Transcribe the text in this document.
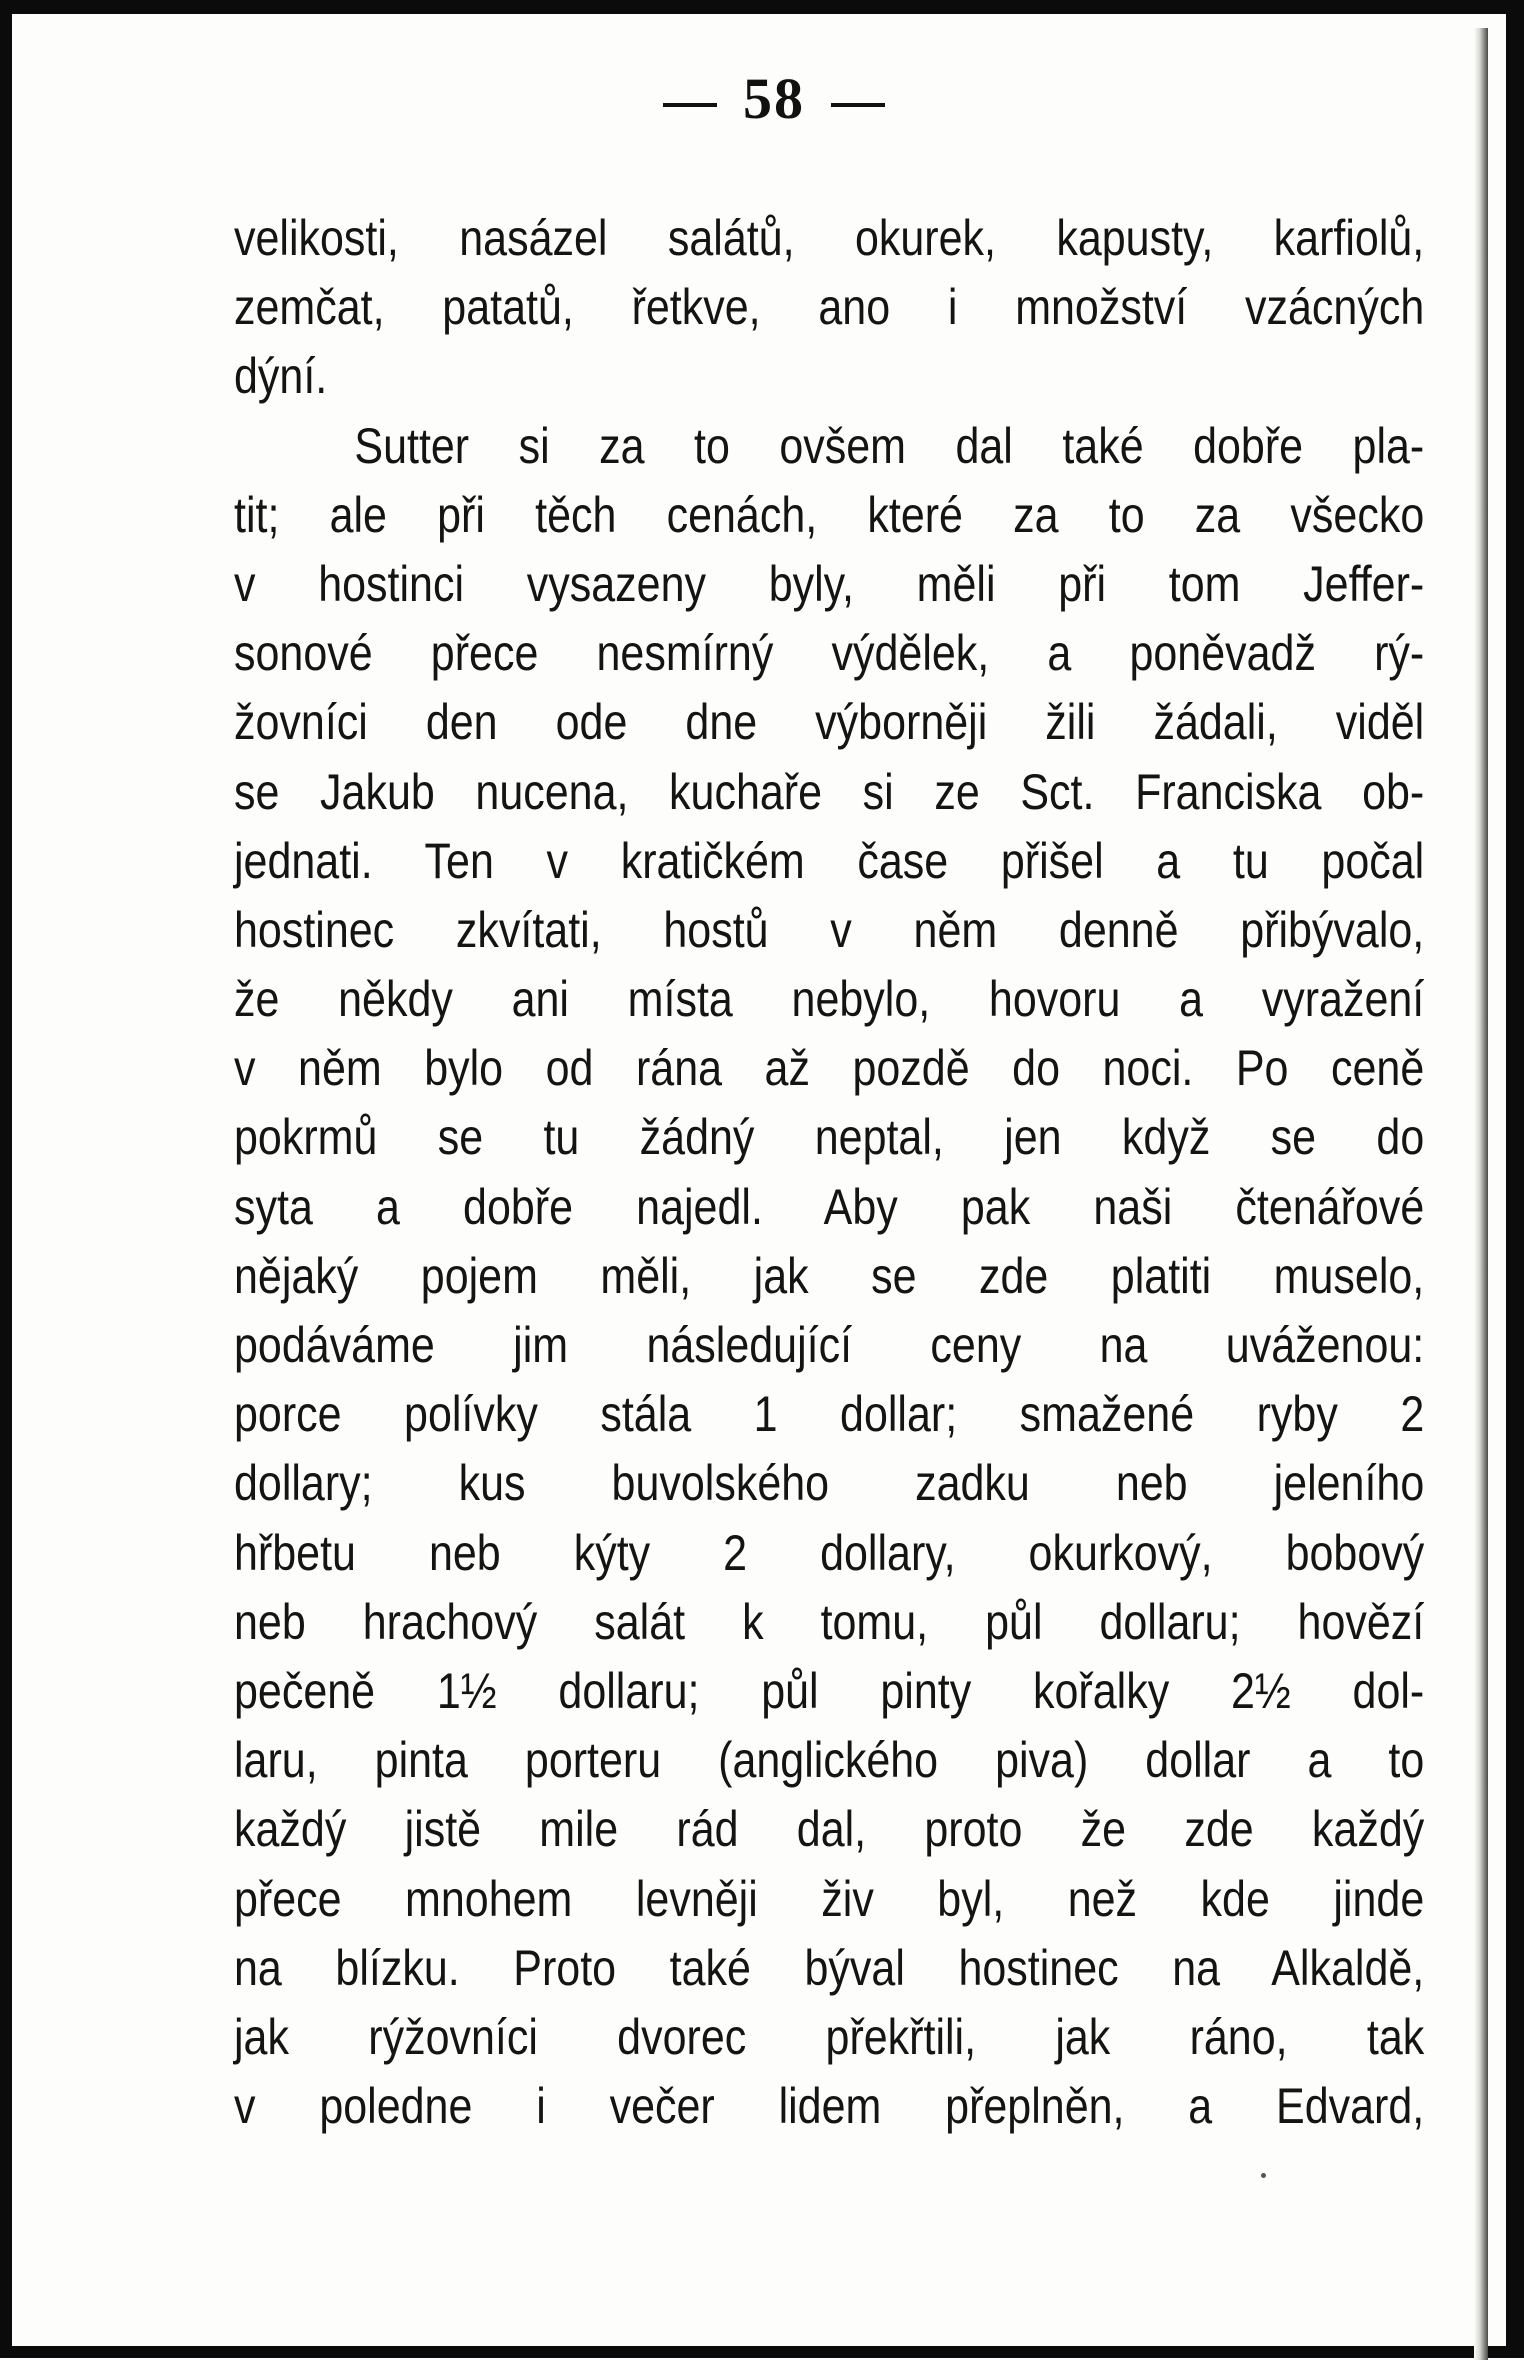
58
velikosti, nasázel salátů, okurek, kapusty, karfiolů,
zemčat, patatů, řetkve, ano i množství vzácných
dýní.
Sutter si za to ovšem dal také dobře pla-
tit; ale při těch cenách, které za to za všecko
v hostinci vysazeny byly, měli při tom Jeffer-
sonové přece nesmírný výdělek, a poněvadž rý-
žovníci den ode dne výborněji žili žádali, viděl
se Jakub nucena, kuchaře si ze Sct. Franciska ob-
jednati. Ten v kratičkém čase přišel a tu počal
hostinec zkvítati, hostů v něm denně přibývalo,
že někdy ani místa nebylo, hovoru a vyražení
v něm bylo od rána až pozdě do noci. Po ceně
pokrmů se tu žádný neptal, jen když se do
syta a dobře najedl. Aby pak naši čtenářové
nějaký pojem měli, jak se zde platiti muselo,
podáváme jim následující ceny na uváženou:
porce polívky stála 1 dollar; smažené ryby 2
dollary; kus buvolského zadku neb jeleního
hřbetu neb kýty 2 dollary, okurkový, bobový
neb hrachový salát k tomu, půl dollaru; hovězí
pečeně 1½ dollaru; půl pinty kořalky 2½ dol-
laru, pinta porteru (anglického piva) dollar a to
každý jistě mile rád dal, proto že zde každý
přece mnohem levněji živ byl, než kde jinde
na blízku. Proto také býval hostinec na Alkaldě,
jak rýžovníci dvorec překřtili, jak ráno, tak
v poledne i večer lidem přeplněn, a Edvard,
